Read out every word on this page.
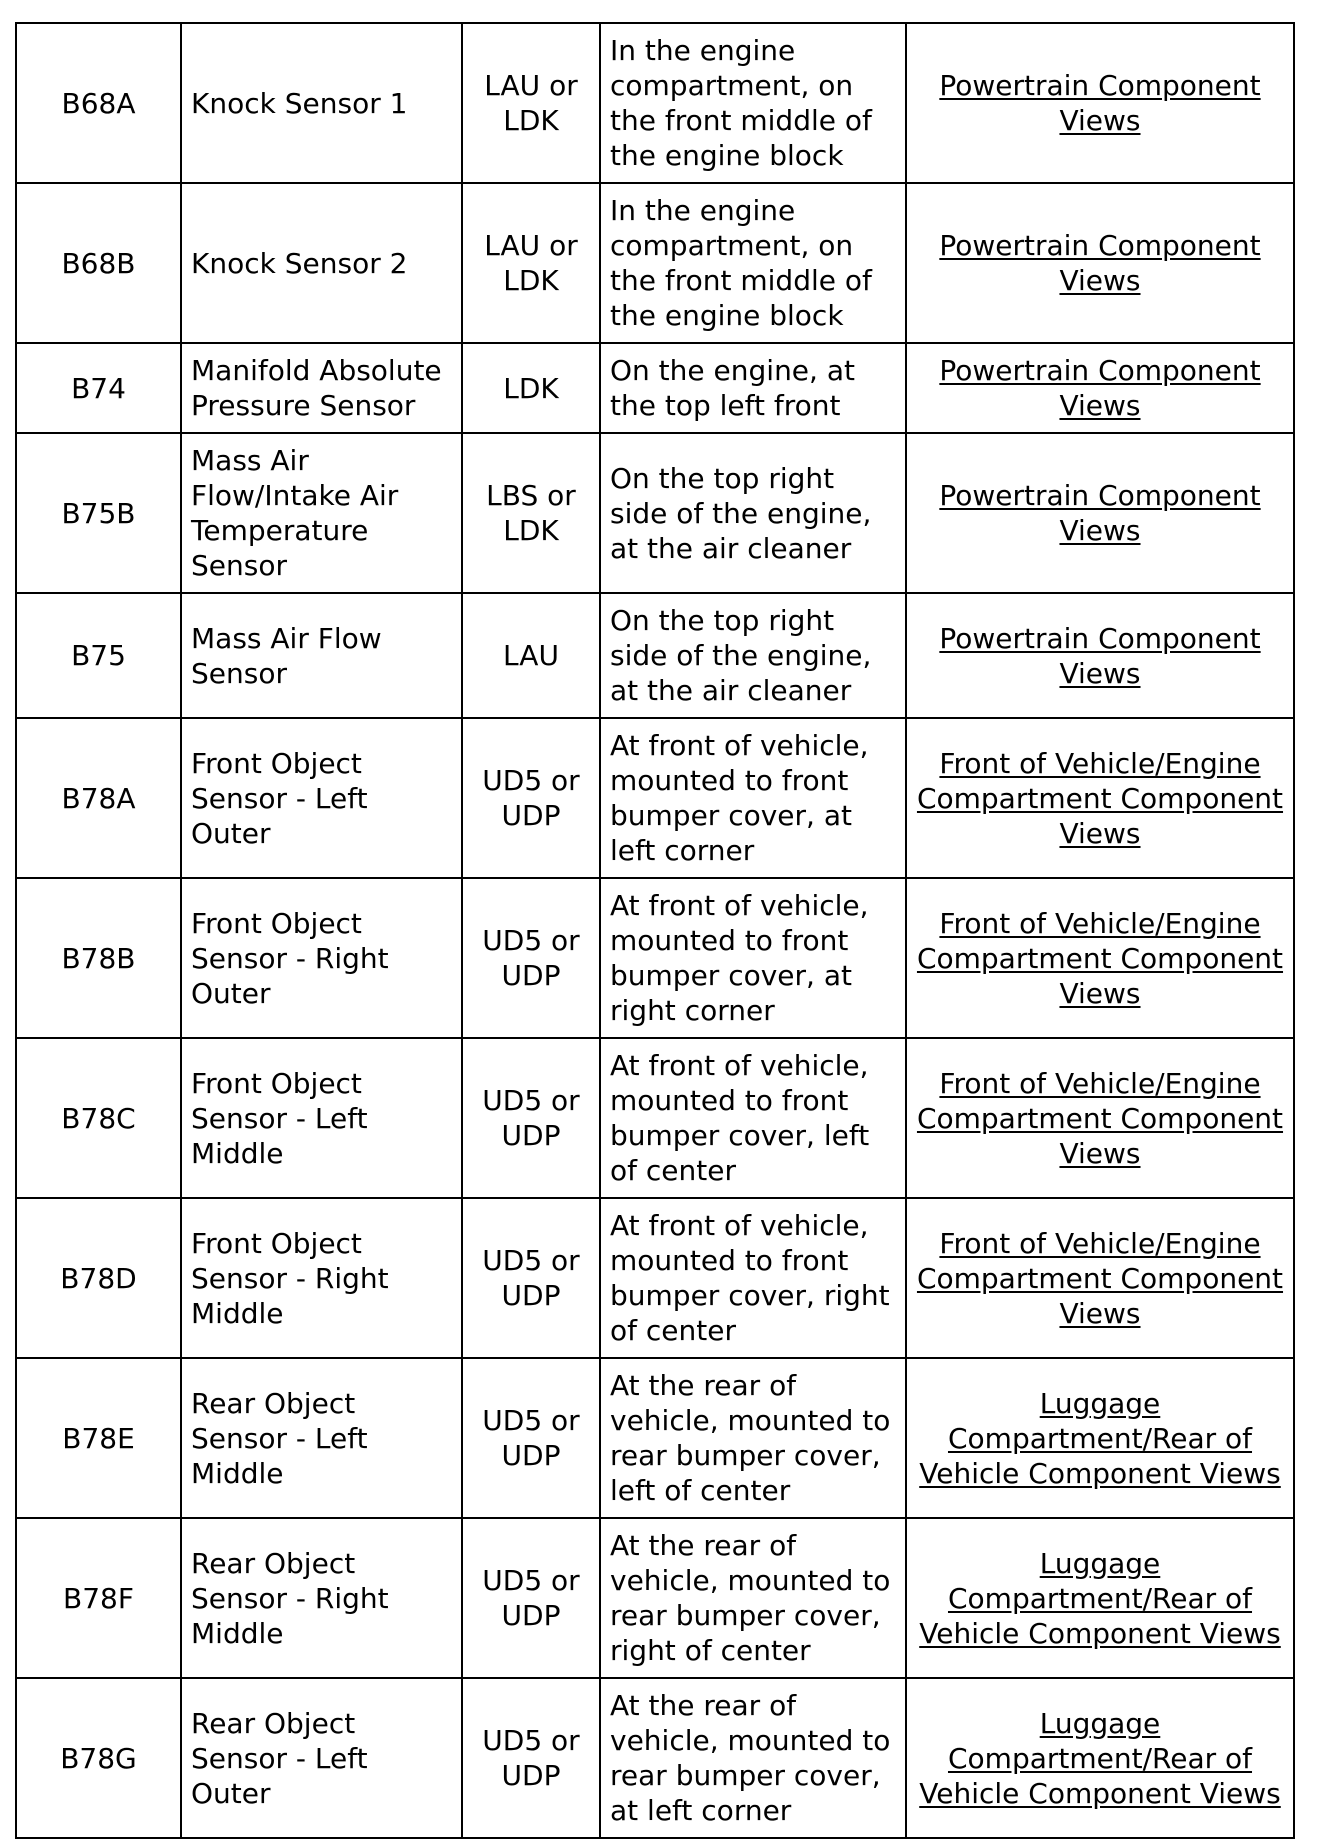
B68A	Knock Sensor 1	LAU or LDK	In the engine compartment, on the front middle of the engine block	Powertrain Component Views
B68B	Knock Sensor 2	LAU or LDK	In the engine compartment, on the front middle of the engine block	Powertrain Component Views
B74	Manifold Absolute Pressure Sensor	LDK	On the engine, at the top left front	Powertrain Component Views
B75B	Mass Air Flow/Intake Air Temperature Sensor	LBS or LDK	On the top right side of the engine, at the air cleaner	Powertrain Component Views
B75	Mass Air Flow Sensor	LAU	On the top right side of the engine, at the air cleaner	Powertrain Component Views
B78A	Front Object Sensor - Left Outer	UD5 or UDP	At front of vehicle, mounted to front bumper cover, at left corner	Front of Vehicle/Engine Compartment Component Views
B78B	Front Object Sensor - Right Outer	UD5 or UDP	At front of vehicle, mounted to front bumper cover, at right corner	Front of Vehicle/Engine Compartment Component Views
B78C	Front Object Sensor - Left Middle	UD5 or UDP	At front of vehicle, mounted to front bumper cover, left of center	Front of Vehicle/Engine Compartment Component Views
B78D	Front Object Sensor - Right Middle	UD5 or UDP	At front of vehicle, mounted to front bumper cover, right of center	Front of Vehicle/Engine Compartment Component Views
B78E	Rear Object Sensor - Left Middle	UD5 or UDP	At the rear of vehicle, mounted to rear bumper cover, left of center	Luggage Compartment/Rear of Vehicle Component Views
B78F	Rear Object Sensor - Right Middle	UD5 or UDP	At the rear of vehicle, mounted to rear bumper cover, right of center	Luggage Compartment/Rear of Vehicle Component Views
B78G	Rear Object Sensor - Left Outer	UD5 or UDP	At the rear of vehicle, mounted to rear bumper cover, at left corner	Luggage Compartment/Rear of Vehicle Component Views
